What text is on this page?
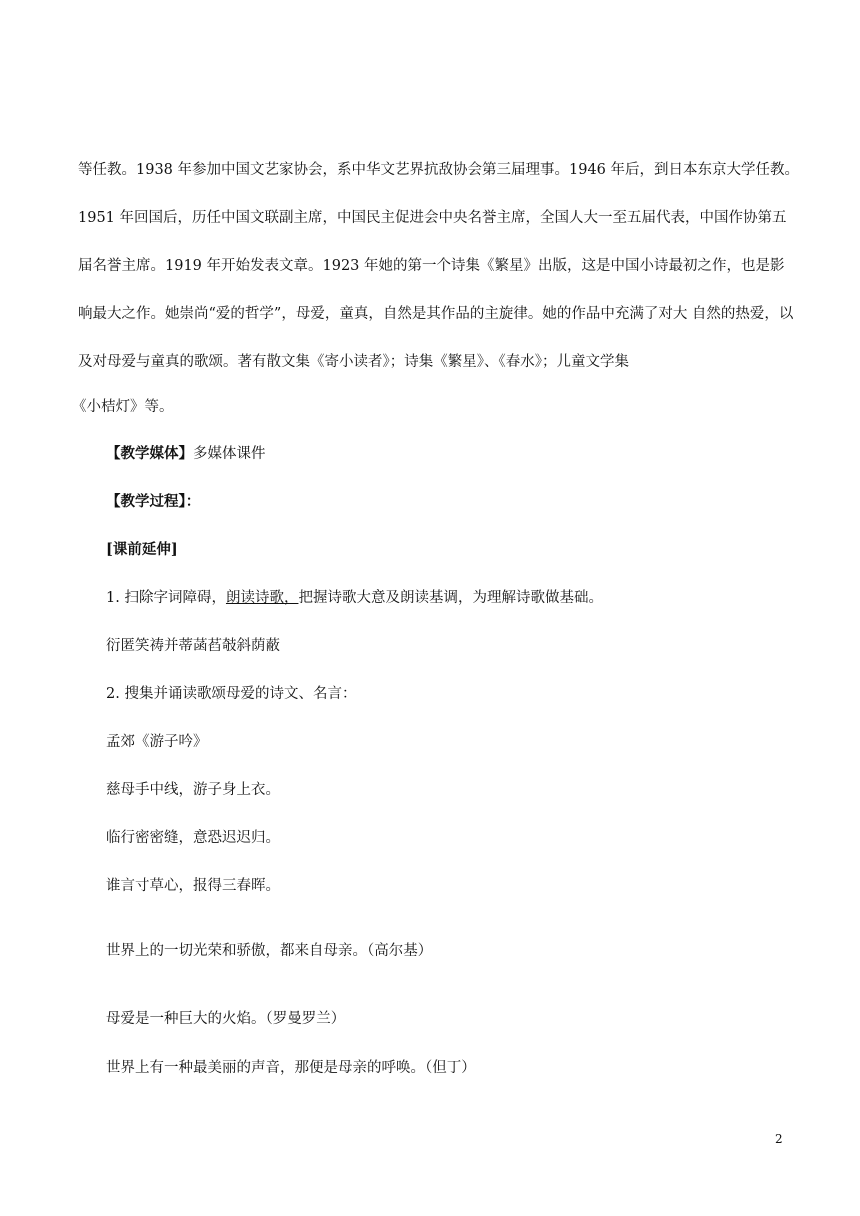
等任教。1938 年参加中国文艺家协会，系中华文艺界抗敌协会第三届理事。1946 年后，到日本东京大学任教。
1951 年回国后，历任中国文联副主席，中国民主促进会中央名誉主席，全国人大一至五届代表，中国作协第五
届名誉主席。1919 年开始发表文章。1923 年她的第一个诗集《繁星》出版，这是中国小诗最初之作，也是影
响最大之作。她崇尚“爱的哲学”，母爱，童真，自然是其作品的主旋律。她的作品中充满了对大 自然的热爱，以
及对母爱与童真的歌颂。著有散文集《寄小读者》；诗集《繁星》、《春水》；儿童文学集
《小桔灯》等。
【教学媒体】多媒体课件
【教学过程】：
[课前延伸]
1. 扫除字词障碍，朗读诗歌，把握诗歌大意及朗读基调，为理解诗歌做基础。
衍匿笑祷并蒂菡萏攲斜荫蔽
2. 搜集并诵读歌颂母爱的诗文、名言：
孟郊《游子吟》
慈母手中线，游子身上衣。
临行密密缝，意恐迟迟归。
谁言寸草心，报得三春晖。
世界上的一切光荣和骄傲，都来自母亲。（高尔基）
母爱是一种巨大的火焰。（罗曼罗兰）
世界上有一种最美丽的声音，那便是母亲的呼唤。（但丁）
2
